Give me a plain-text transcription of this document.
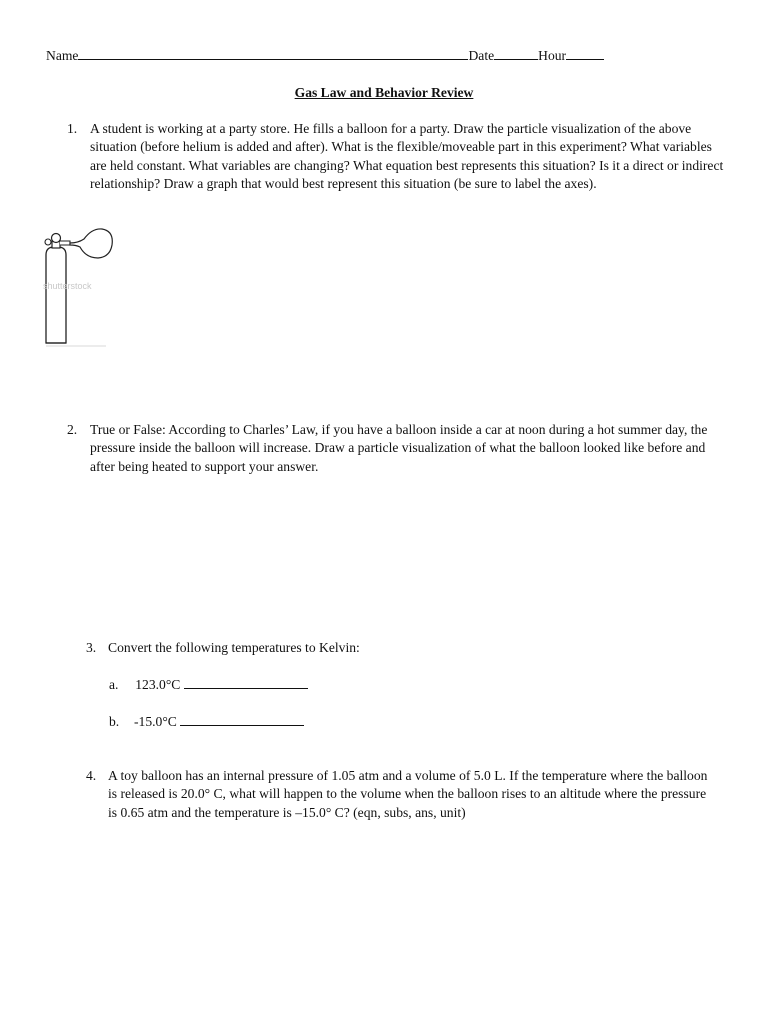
Name	Date	Hour
Gas Law and Behavior Review
1. A student is working at a party store. He fills a balloon for a party. Draw the particle visualization of the above situation (before helium is added and after). What is the flexible/moveable part in this experiment? What variables are held constant. What variables are changing? What equation best represents this situation? Is it a direct or indirect relationship? Draw a graph that would best represent this situation (be sure to label the axes).
shutterstock
2. True or False: According to Charles’ Law, if you have a balloon inside a car at noon during a hot summer day, the pressure inside the balloon will increase. Draw a particle visualization of what the balloon looked like before and after being heated to support your answer.
3. Convert the following temperatures to Kelvin:
a. 123.0°C
b. -15.0°C
4. A toy balloon has an internal pressure of 1.05 atm and a volume of 5.0 L. If the temperature where the balloon is released is 20.0° C, what will happen to the volume when the balloon rises to an altitude where the pressure is 0.65 atm and the temperature is –15.0° C? (eqn, subs, ans, unit)
